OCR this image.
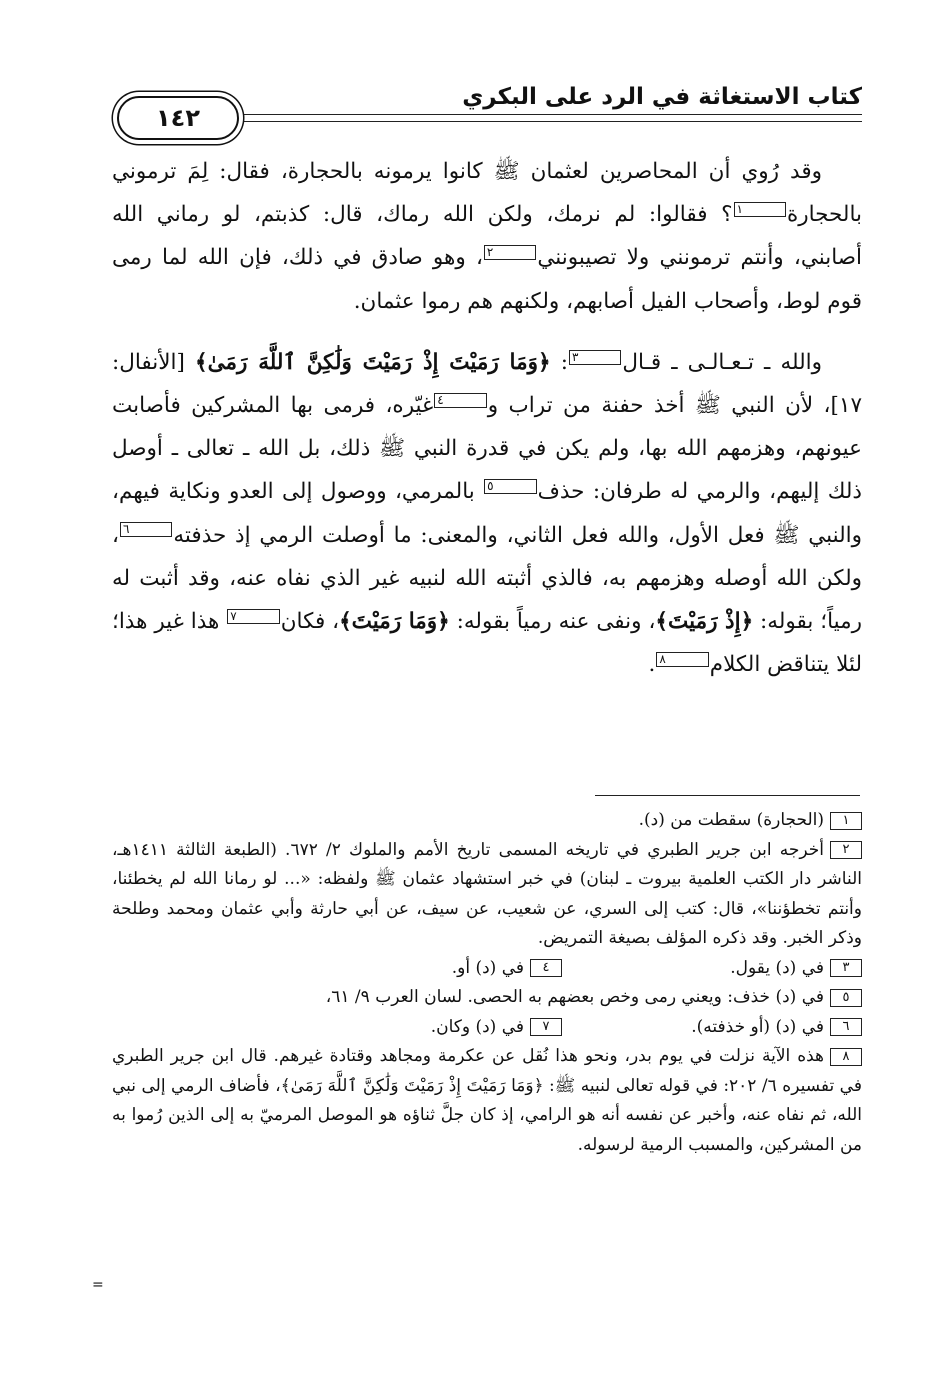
كتاب الاستغاثة في الرد على البكري
١٤٢

وقد رُوي أن المحاصرين لعثمان ﷺ كانوا يرمونه بالحجارة، فقال: لِمَ ترموني بالحجارة١؟ فقالوا: لم نرمك، ولكن الله رماك، قال: كذبتم، لو رماني الله أصابني، وأنتم ترمونني ولا تصيبونني٢، وهو صادق في ذلك، فإن الله لما رمى قوم لوط، وأصحاب الفيل أصابهم، ولكنهم هم رموا عثمان.

والله ـ تـعـالـى ـ قـال٣: ﴿وَمَا رَمَيْتَ إِذْ رَمَيْتَ وَلَٰكِنَّ ٱللَّهَ رَمَىٰ﴾ [الأنفال: ١٧]، لأن النبي ﷺ أخذ حفنة من تراب و٤غيّره، فرمى بها المشركين فأصابت عيونهم، وهزمهم الله بها، ولم يكن في قدرة النبي ﷺ ذلك، بل الله ـ تعالى ـ أوصل ذلك إليهم، والرمي له طرفان: حذف٥ بالمرمي، ووصول إلى العدو ونكاية فيهم، والنبي ﷺ فعل الأول، والله فعل الثاني، والمعنى: ما أوصلت الرمي إذ حذفته٦، ولكن الله أوصله وهزمهم به، فالذي أثبته الله لنبيه غير الذي نفاه عنه، وقد أثبت له رمياً؛ بقوله: ﴿إِذْ رَمَيْتَ﴾، ونفى عنه رمياً بقوله: ﴿وَمَا رَمَيْتَ﴾، فكان٧ هذا غير هذا؛ لئلا يتناقض الكلام٨.

١(الحجارة) سقطت من (د).

٢أخرجه ابن جرير الطبري في تاريخه المسمى تاريخ الأمم والملوك ٢/ ٦٧٢. (الطبعة الثالثة ١٤١١هـ، الناشر دار الكتب العلمية بيروت ـ لبنان) في خبر استشهاد عثمان ﷺ ولفظه: «... لو رمانا الله لم يخطئنا، وأنتم تخطؤننا»، قال: كتب إلى السري، عن شعيب، عن سيف، عن أبي حارثة وأبي عثمان ومحمد وطلحة وذكر الخبر. وقد ذكره المؤلف بصيغة التمريض.

٣في (د) يقول.
٤في (د) أو.

٥في (د) خذف: ويعني رمى وخص بعضهم به الحصى. لسان العرب ٩/ ٦١،

٦في (د) (أو خذفته).
٧في (د) وكان.

٨هذه الآية نزلت في يوم بدر، ونحو هذا نُقل عن عكرمة ومجاهد وقتادة غيرهم. قال ابن جرير الطبري في تفسيره ٦/ ٢٠٢: في قوله تعالى لنبيه ﷺ: ﴿وَمَا رَمَيْتَ إِذْ رَمَيْتَ وَلَٰكِنَّ ٱللَّهَ رَمَىٰ﴾، فأضاف الرمي إلى نبي الله، ثم نفاه عنه، وأخبر عن نفسه أنه هو الرامي، إذ كان جلَّ ثناؤه هو الموصل المرميّ به إلى الذين رُموا به من المشركين، والمسبب الرمية لرسوله.

=
